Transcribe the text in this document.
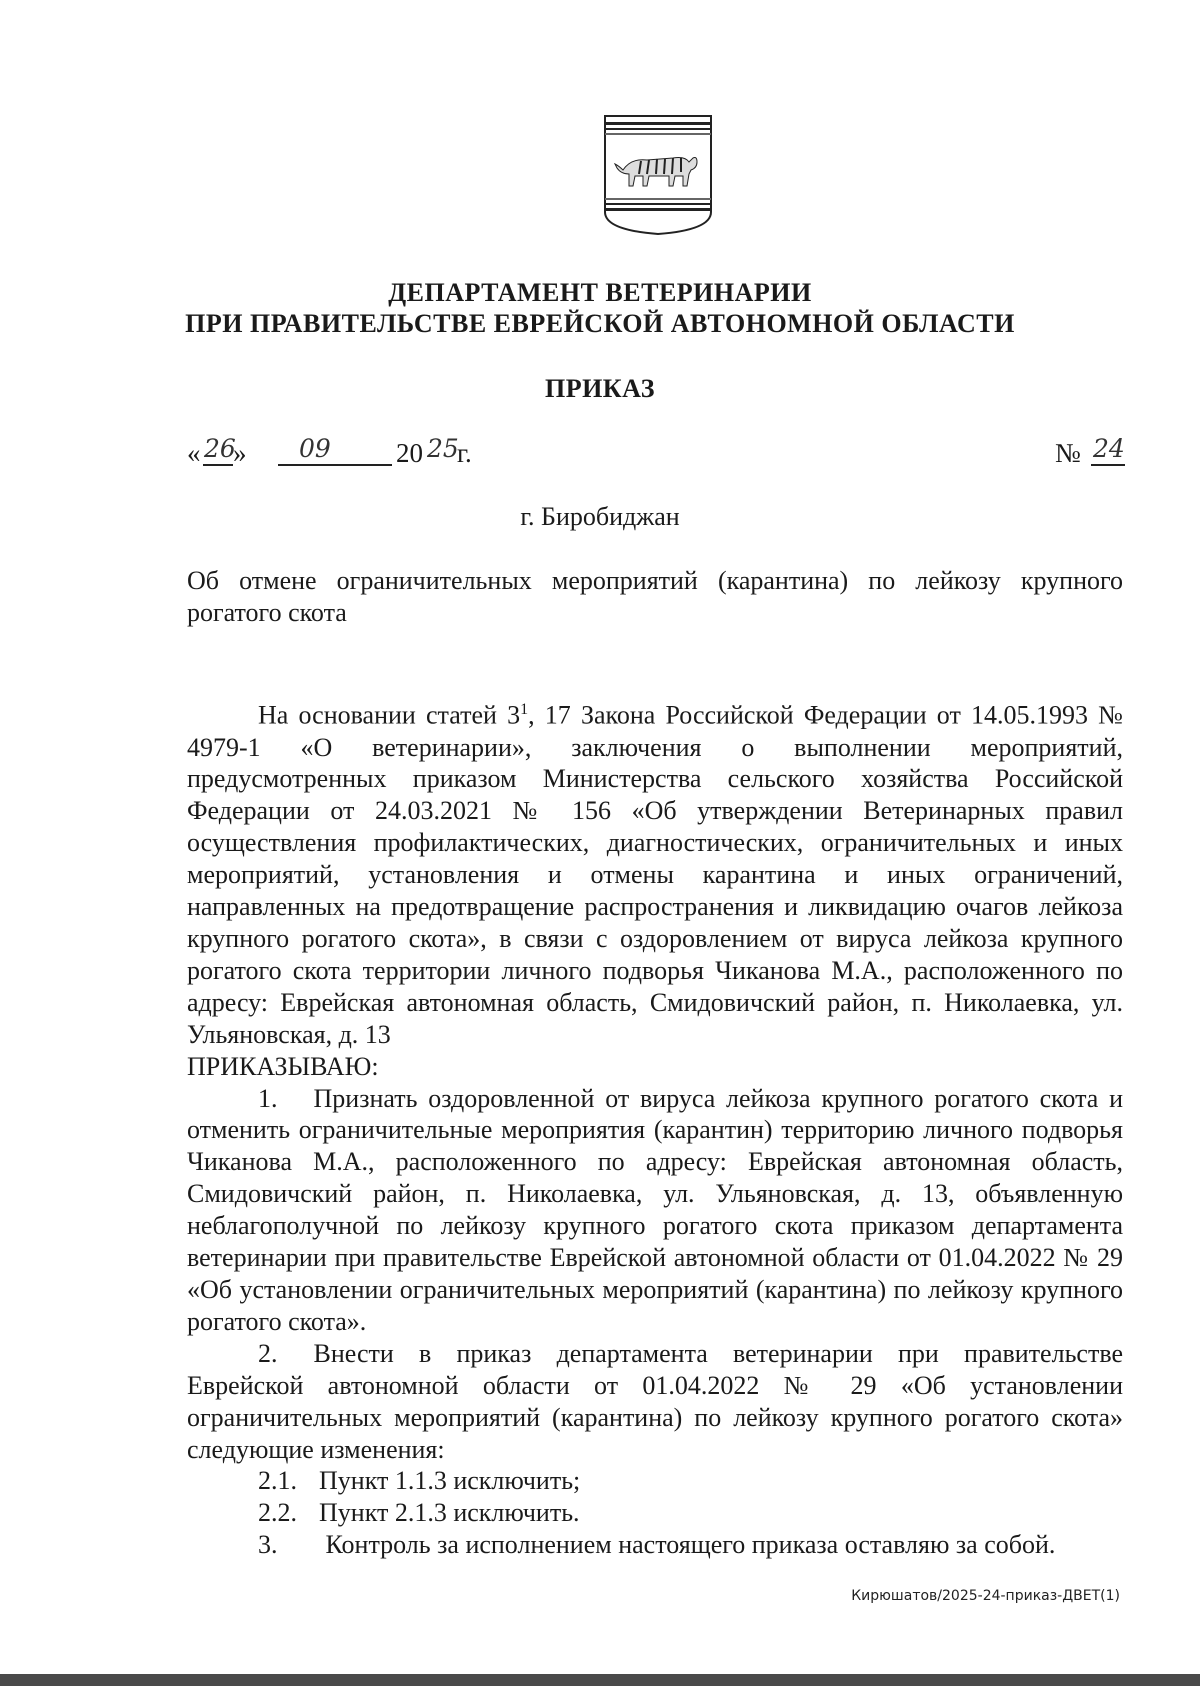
ДЕПАРТАМЕНТ ВЕТЕРИНАРИИ
ПРИ ПРАВИТЕЛЬСТВЕ ЕВРЕЙСКОЙ АВТОНОМНОЙ ОБЛАСТИ
ПРИКАЗ
« 26
» 09 20 25
г.	№ 24
г. Биробиджан
Об отмене ограничительных мероприятий (карантина) по лейкозу крупного рогатого скота

На основании статей $3^1$, 17 Закона Российской Федерации от 14.05.1993 № 4979-1 «О ветеринарии», заключения о выполнении мероприятий, предусмотренных приказом Министерства сельского хозяйства Российской Федерации от 24.03.2021 № 156 «Об утверждении Ветеринарных правил осуществления профилактических, диагностических, ограничительных и иных мероприятий, установления и отмены карантина и иных ограничений, направленных на предотвращение распространения и ликвидацию очагов лейкоза крупного рогатого скота», в связи с оздоровлением от вируса лейкоза крупного рогатого скота территории личного подворья Чиканова М.А., расположенного по адресу: Еврейская автономная область, Смидовичский район, п. Николаевка, ул. Ульяновская, д. 13

ПРИКАЗЫВАЮ:

1. Признать оздоровленной от вируса лейкоза крупного рогатого скота и отменить ограничительные мероприятия (карантин) территорию личного подворья Чиканова М.А., расположенного по адресу: Еврейская автономная область, Смидовичский район, п. Николаевка, ул. Ульяновская, д. 13, объявленную неблагополучной по лейкозу крупного рогатого скота приказом департамента ветеринарии при правительстве Еврейской автономной области от 01.04.2022 № 29 «Об установлении ограничительных мероприятий (карантина) по лейкозу крупного рогатого скота».

2. Внести в приказ департамента ветеринарии при правительстве Еврейской автономной области от 01.04.2022 № 29 «Об установлении ограничительных мероприятий (карантина) по лейкозу крупного рогатого скота» следующие изменения:

2.1. Пункт 1.1.3 исключить;

2.2. Пункт 2.1.3 исключить.

3. Контроль за исполнением настоящего приказа оставляю за собой.

Кирюшатов/2025-24-приказ-ДВЕТ(1)
